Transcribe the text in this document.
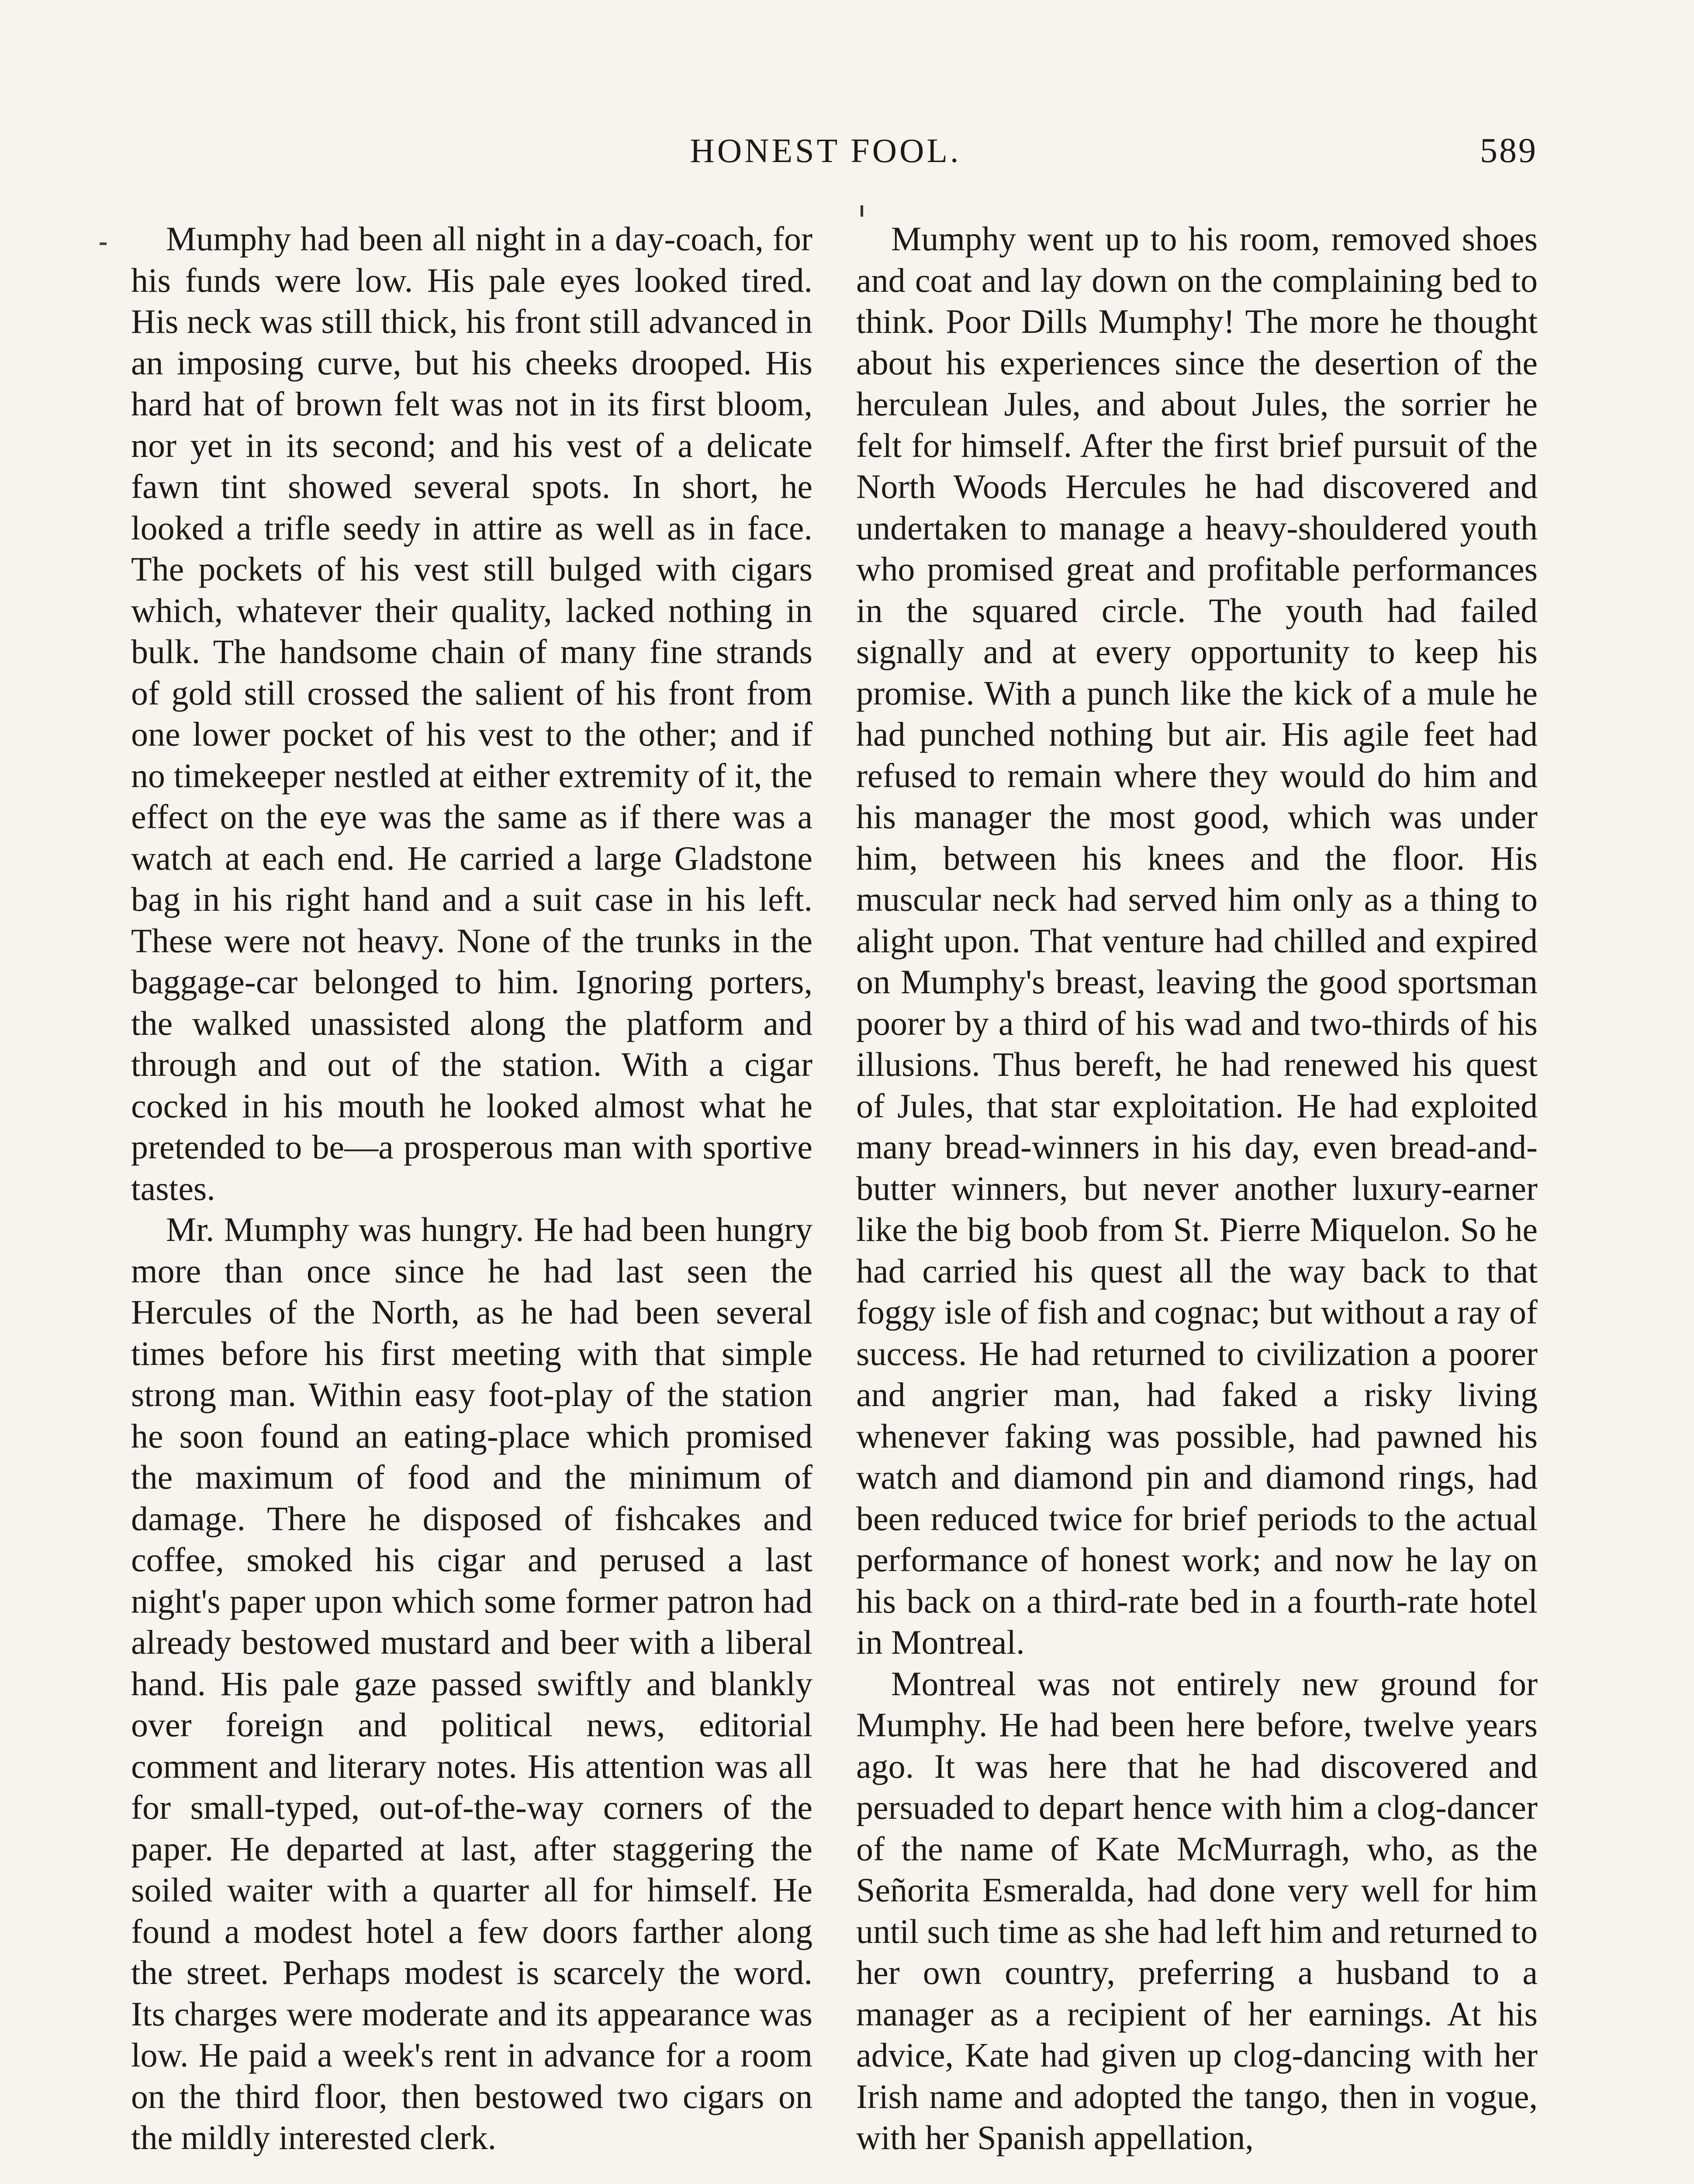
HONEST FOOL.	589

Mumphy had been all night in a day-coach, for his funds were low. His pale eyes looked tired. His neck was still thick, his front still advanced in an imposing curve, but his cheeks drooped. His hard hat of brown felt was not in its first bloom, nor yet in its second; and his vest of a delicate fawn tint showed several spots. In short, he looked a trifle seedy in attire as well as in face. The pockets of his vest still bulged with cigars which, whatever their quality, lacked nothing in bulk. The handsome chain of many fine strands of gold still crossed the salient of his front from one lower pocket of his vest to the other; and if no timekeeper nestled at either extremity of it, the effect on the eye was the same as if there was a watch at each end. He carried a large Gladstone bag in his right hand and a suit case in his left. These were not heavy. None of the trunks in the baggage-car belonged to him. Ignoring porters, the walked unassisted along the platform and through and out of the station. With a cigar cocked in his mouth he looked almost what he pretended to be—a prosperous man with sportive tastes.

Mr. Mumphy was hungry. He had been hungry more than once since he had last seen the Hercules of the North, as he had been several times before his first meeting with that simple strong man. Within easy foot-play of the station he soon found an eating-place which promised the maximum of food and the minimum of damage. There he disposed of fishcakes and coffee, smoked his cigar and perused a last night's paper upon which some former patron had already bestowed mustard and beer with a liberal hand. His pale gaze passed swiftly and blankly over foreign and political news, editorial comment and literary notes. His attention was all for small-typed, out-of-the-way corners of the paper. He departed at last, after staggering the soiled waiter with a quarter all for himself. He found a modest hotel a few doors farther along the street. Perhaps modest is scarcely the word. Its charges were moderate and its appearance was low. He paid a week's rent in advance for a room on the third floor, then bestowed two cigars on the mildly interested clerk.

Mumphy went up to his room, removed shoes and coat and lay down on the complaining bed to think. Poor Dills Mumphy! The more he thought about his experiences since the desertion of the herculean Jules, and about Jules, the sorrier he felt for himself. After the first brief pursuit of the North Woods Hercules he had discovered and undertaken to manage a heavy-shouldered youth who promised great and profitable performances in the squared circle. The youth had failed signally and at every opportunity to keep his promise. With a punch like the kick of a mule he had punched nothing but air. His agile feet had refused to remain where they would do him and his manager the most good, which was under him, between his knees and the floor. His muscular neck had served him only as a thing to alight upon. That venture had chilled and expired on Mumphy's breast, leaving the good sportsman poorer by a third of his wad and two-thirds of his illusions. Thus bereft, he had renewed his quest of Jules, that star exploitation. He had exploited many bread-winners in his day, even bread-and-butter winners, but never another luxury-earner like the big boob from St. Pierre Miquelon. So he had carried his quest all the way back to that foggy isle of fish and cognac; but without a ray of success. He had returned to civilization a poorer and angrier man, had faked a risky living whenever faking was possible, had pawned his watch and diamond pin and diamond rings, had been reduced twice for brief periods to the actual performance of honest work; and now he lay on his back on a third-rate bed in a fourth-rate hotel in Montreal.

Montreal was not entirely new ground for Mumphy. He had been here before, twelve years ago. It was here that he had discovered and persuaded to depart hence with him a clog-dancer of the name of Kate McMurragh, who, as the Señorita Esmeralda, had done very well for him until such time as she had left him and returned to her own country, preferring a husband to a manager as a recipient of her earnings. At his advice, Kate had given up clog-dancing with her Irish name and adopted the tango, then in vogue, with her Spanish appellation,
